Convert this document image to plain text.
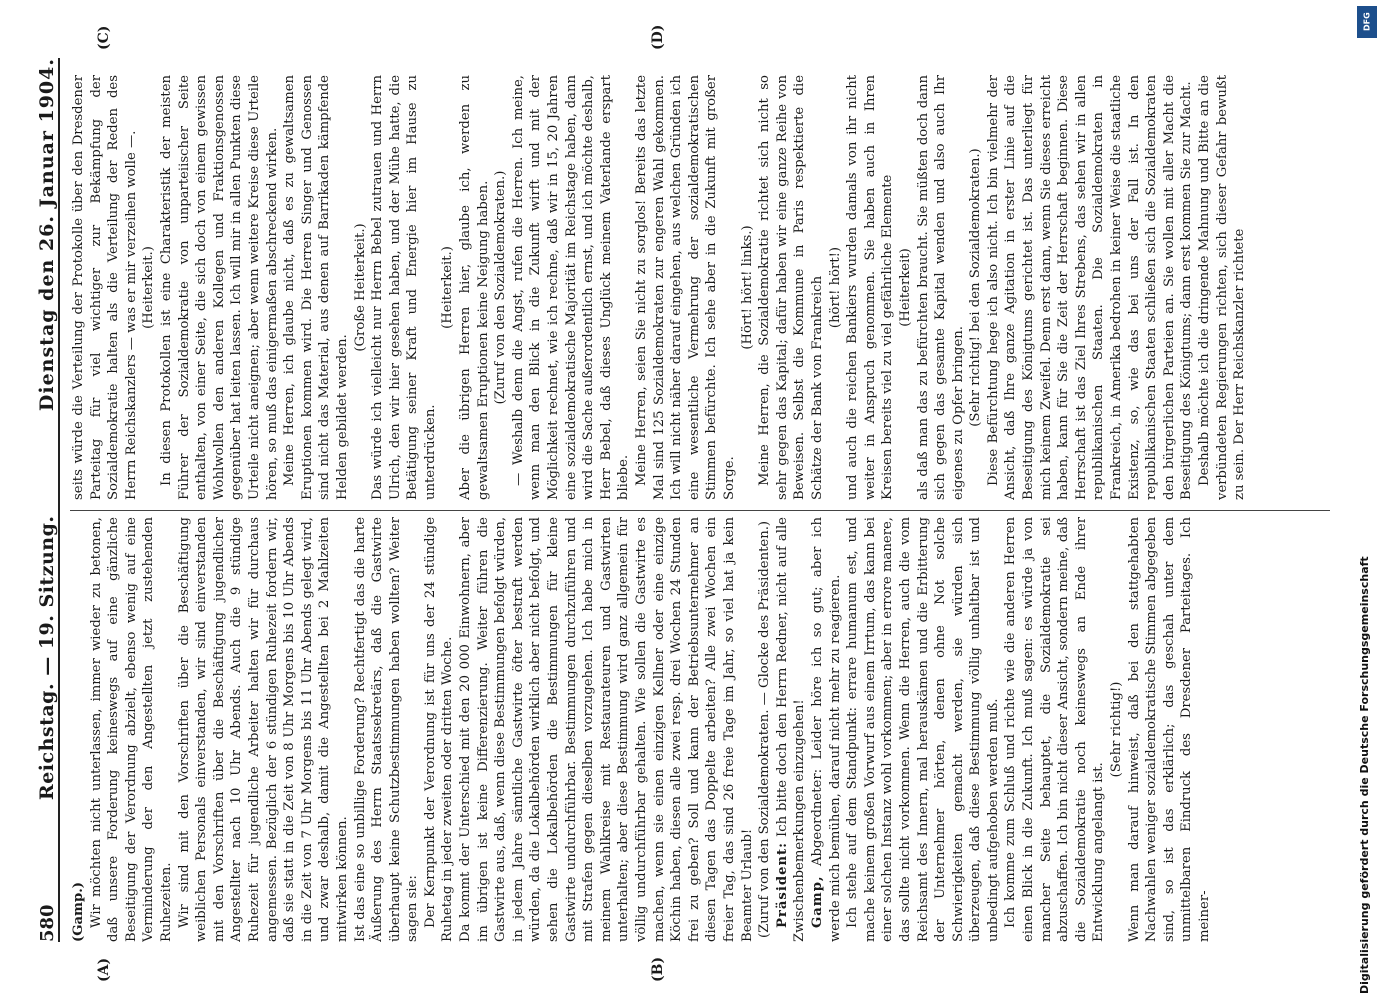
580
Reichstag. — 19. Sitzung.
Dienstag den 26. Januar 1904.
(A)	(B)
(C)	(D)

(Gamp.) Wir möchten nicht unterlassen, immer wieder zu betonen, daß unsere Forderung keineswegs auf eine gänzliche Beseitigung der Verordnung abzielt, ebenso wenig auf eine Verminderung der den Angestellten jetzt zustehenden Ruhezeiten. Wir sind mit den Vorschriften über die Beschäftigung weiblichen Personals einverstanden, wir sind einverstanden mit den Vorschriften über die Beschäftigung jugendlicher Angestellter nach 10 Uhr Abends. Auch die 9 stündige Ruhezeit für jugendliche Arbeiter halten wir für durchaus angemessen. Bezüglich der 6 stündigen Ruhezeit fordern wir, daß sie statt in die Zeit von 8 Uhr Morgens bis 10 Uhr Abends in die Zeit von 7 Uhr Morgens bis 11 Uhr Abends gelegt wird, und zwar deshalb, damit die Angestellten bei 2 Mahlzeiten mitwirken können. Ist das eine so unbillige Forderung? Rechtfertigt das die harte Äußerung des Herrn Staatssekretärs, daß die Gastwirte überhaupt keine Schutzbestimmungen haben wollten? Weiter sagen sie: Der Kernpunkt der Verordnung ist für uns der 24 stündige Ruhetag in jeder zweiten oder dritten Woche. Da kommt der Unterschied mit den 20 000 Einwohnern, aber im übrigen ist keine Differenzierung. Weiter führen die Gastwirte aus, daß, wenn diese Bestimmungen befolgt würden, in jedem Jahre sämtliche Gastwirte öfter bestraft werden würden, da die Lokalbehörden wirklich aber nicht befolgt, und sehen die Lokalbehörden die Bestimmungen für kleine Gastwirte undurchführbar. Bestimmungen durchzuführen und mit Strafen gegen dieselben vorzugehen. Ich habe mich in meinem Wahlkreise mit Restaurateuren und Gastwirten unterhalten; aber diese Bestimmung wird ganz allgemein für völlig undurchführbar gehalten. Wie sollen die Gastwirte es machen, wenn sie einen einzigen Kellner oder eine einzige Köchin haben, diesen alle zwei resp. drei Wochen 24 Stunden frei zu geben? Soll und kann der Betriebsunternehmer an diesen Tagen das Doppelte arbeiten? Alle zwei Wochen ein freier Tag, das sind 26 freie Tage im Jahr, so viel hat ja kein Beamter Urlaub! (Zuruf von den Sozialdemokraten. — Glocke des Präsidenten.) Präsident: Ich bitte doch den Herrn Redner, nicht auf alle Zwischenbemerkungen einzugehen! Gamp, Abgeordneter: Leider höre ich so gut; aber ich werde mich bemühen, darauf nicht mehr zu reagieren. Ich stehe auf dem Standpunkt: errare humanum est, und mache keinem großen Vorwurf aus einem Irrtum, das kann bei einer solchen Instanz wohl vorkommen; aber in errore manere, das sollte nicht vorkommen. Wenn die Herren, auch die vom Reichsamt des Innern, mal herauskämen und die Erbitterung der Unternehmer hörten, denen ohne Not solche Schwierigkeiten gemacht werden, sie würden sich überzeugen, daß diese Bestimmung völlig unhaltbar ist und unbedingt aufgehoben werden muß. Ich komme zum Schluß und richte wie die anderen Herren einen Blick in die Zukunft. Ich muß sagen: es würde ja von mancher Seite behauptet, die Sozialdemokratie sei abzuschaffen. Ich bin nicht dieser Ansicht, sondern meine, daß die Sozialdemokratie noch keineswegs an Ende ihrer Entwicklung angelangt ist.

(Sehr richtig!) Wenn man darauf hinweist, daß bei den stattgehabten Nachwahlen weniger sozialdemokratische Stimmen abgegeben sind, so ist das erklärlich; das geschah unter dem unmittelbaren Eindruck des Dresdener Parteitages. Ich meiner-

seits würde die Verteilung der Protokolle über den Dresdener Parteitag für viel wichtiger zur Bekämpfung der Sozialdemokratie halten als die Verteilung der Reden des Herrn Reichskanzlers — was er mir verzeihen wolle —. (Heiterkeit.) In diesen Protokollen ist eine Charakteristik der meisten Führer der Sozialdemokratie von unparteiischer Seite enthalten, von einer Seite, die sich doch von einem gewissen Wohlwollen den anderen Kollegen und Fraktionsgenossen gegenüber hat leiten lassen. Ich will mir in allen Punkten diese Urteile nicht aneignen; aber wenn weitere Kreise diese Urteile hören, so muß das einigermaßen abschreckend wirken. Meine Herren, ich glaube nicht, daß es zu gewaltsamen Eruptionen kommen wird. Die Herren Singer und Genossen sind nicht das Material, aus denen auf Barrikaden kämpfende Helden gebildet werden.

(Große Heiterkeit.) Das würde ich vielleicht nur Herrn Bebel zutrauen und Herrn Ulrich, den wir hier gesehen haben, und der Mühe hatte, die Betätigung seiner Kraft und Energie hier im Hause zu unterdrücken.

(Heiterkeit.) Aber die übrigen Herren hier, glaube ich, werden zu gewaltsamen Eruptionen keine Neigung haben. (Zuruf von den Sozialdemokraten.) — Weshalb denn die Angst, rufen die Herren. Ich meine, wenn man den Blick in die Zukunft wirft und mit der Möglichkeit rechnet, wie ich rechne, daß wir in 15, 20 Jahren eine sozialdemokratische Majorität im Reichstage haben, dann wird die Sache außerordentlich ernst, und ich möchte deshalb, Herr Bebel, daß dieses Unglück meinem Vaterlande erspart bliebe. Meine Herren, seien Sie nicht zu sorglos! Bereits das letzte Mal sind 125 Sozialdemokraten zur engeren Wahl gekommen. Ich will nicht näher darauf eingehen, aus welchen Gründen ich eine wesentliche Vermehrung der sozialdemokratischen Stimmen befürchte. Ich sehe aber in die Zukunft mit großer Sorge.

(Hört! hört! links.) Meine Herren, die Sozialdemokratie richtet sich nicht so sehr gegen das Kapital; dafür haben wir eine ganze Reihe von Beweisen. Selbst die Kommune in Paris respektierte die Schätze der Bank von Frankreich (hört! hört!) und auch die reichen Bankiers wurden damals von ihr nicht weiter in Anspruch genommen. Sie haben auch in Ihren Kreisen bereits viel zu viel gefährliche Elemente (Heiterkeit) als daß man das zu befürchten braucht. Sie müßten doch dann sich gegen das gesamte Kapital wenden und also auch Ihr eigenes zu Opfer bringen. (Sehr richtig! bei den Sozialdemokraten.) Diese Befürchtung hege ich also nicht. Ich bin vielmehr der Ansicht, daß Ihre ganze Agitation in erster Linie auf die Beseitigung des Königtums gerichtet ist. Das unterliegt für mich keinem Zweifel. Denn erst dann, wenn Sie dieses erreicht haben, kann für Sie die Zeit der Herrschaft beginnen. Diese Herrschaft ist das Ziel Ihres Strebens, das sehen wir in allen republikanischen Staaten. Die Sozialdemokraten in Frankreich, in Amerika bedrohen in keiner Weise die staatliche Existenz, so, wie das bei uns der Fall ist. In den republikanischen Staaten schließen sich die Sozialdemokraten den bürgerlichen Parteien an. Sie wollen mit aller Macht die Beseitigung des Königtums; dann erst kommen Sie zur Macht. Deshalb möchte ich die dringende Mahnung und Bitte an die verbündeten Regierungen richten, sich dieser Gefahr bewußt zu sein. Der Herr Reichskanzler richtete

DFG
Digitalisierung gefördert durch die Deutsche Forschungsgemeinschaft
